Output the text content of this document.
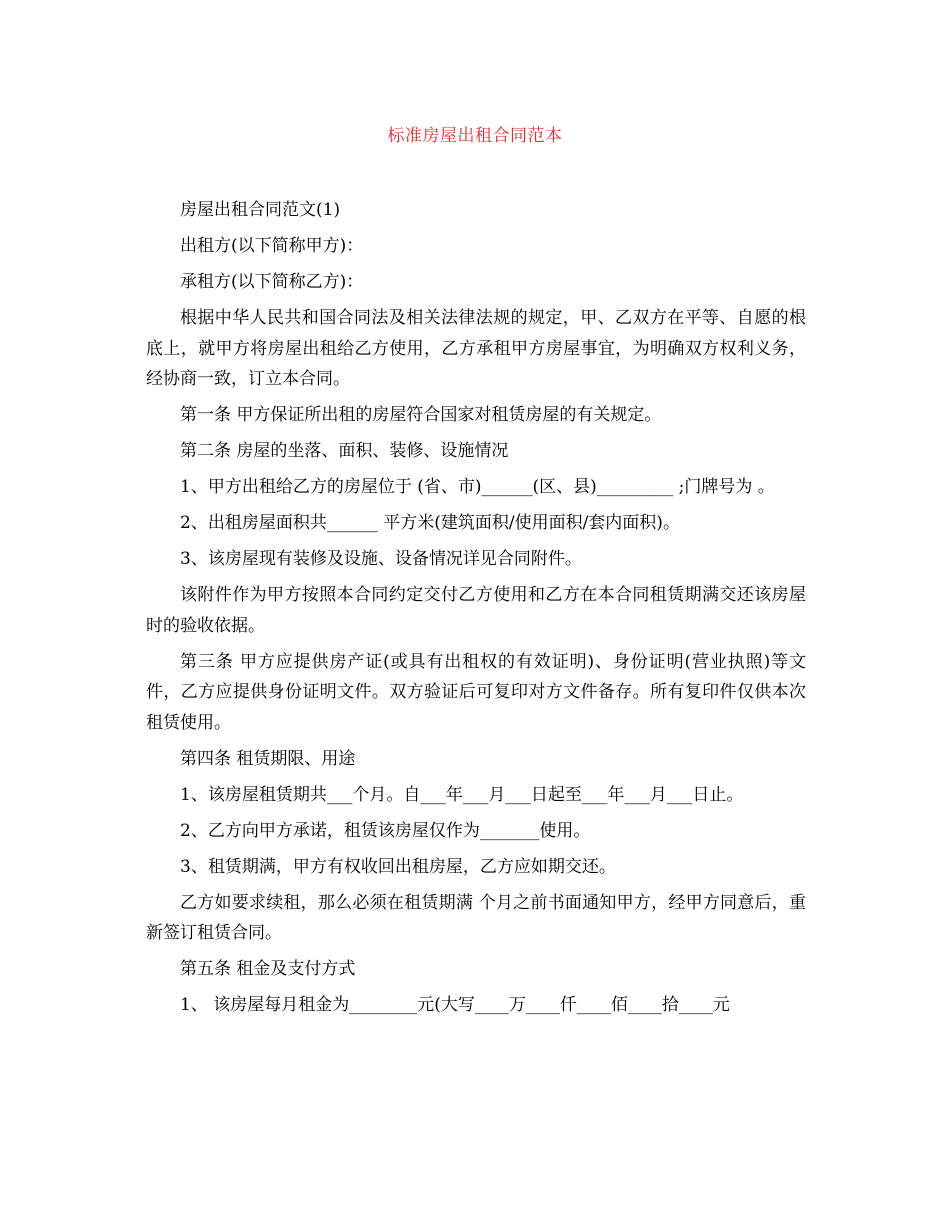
标准房屋出租合同范本

房屋出租合同范文(1)

出租方(以下简称甲方)：

承租方(以下简称乙方)：

根据中华人民共和国合同法及相关法律法规的规定，甲、乙双方在平等、自愿的根底上，就甲方将房屋出租给乙方使用，乙方承租甲方房屋事宜，为明确双方权利义务，经协商一致，订立本合同。

第一条 甲方保证所出租的房屋符合国家对租赁房屋的有关规定。

第二条 房屋的坐落、面积、装修、设施情况

1、甲方出租给乙方的房屋位于 (省、市)______(区、县)_________ ;门牌号为 。

2、出租房屋面积共______ 平方米(建筑面积/使用面积/套内面积)。

3、该房屋现有装修及设施、设备情况详见合同附件。

该附件作为甲方按照本合同约定交付乙方使用和乙方在本合同租赁期满交还该房屋时的验收依据。

第三条 甲方应提供房产证(或具有出租权的有效证明)、身份证明(营业执照)等文件，乙方应提供身份证明文件。双方验证后可复印对方文件备存。所有复印件仅供本次租赁使用。

第四条 租赁期限、用途

1、该房屋租赁期共___个月。自___年___月___日起至___年___月___日止。

2、乙方向甲方承诺，租赁该房屋仅作为_______使用。

3、租赁期满，甲方有权收回出租房屋，乙方应如期交还。

乙方如要求续租，那么必须在租赁期满 个月之前书面通知甲方，经甲方同意后，重新签订租赁合同。

第五条 租金及支付方式

1、 该房屋每月租金为________元(大写____万____仟____佰____拾____元
